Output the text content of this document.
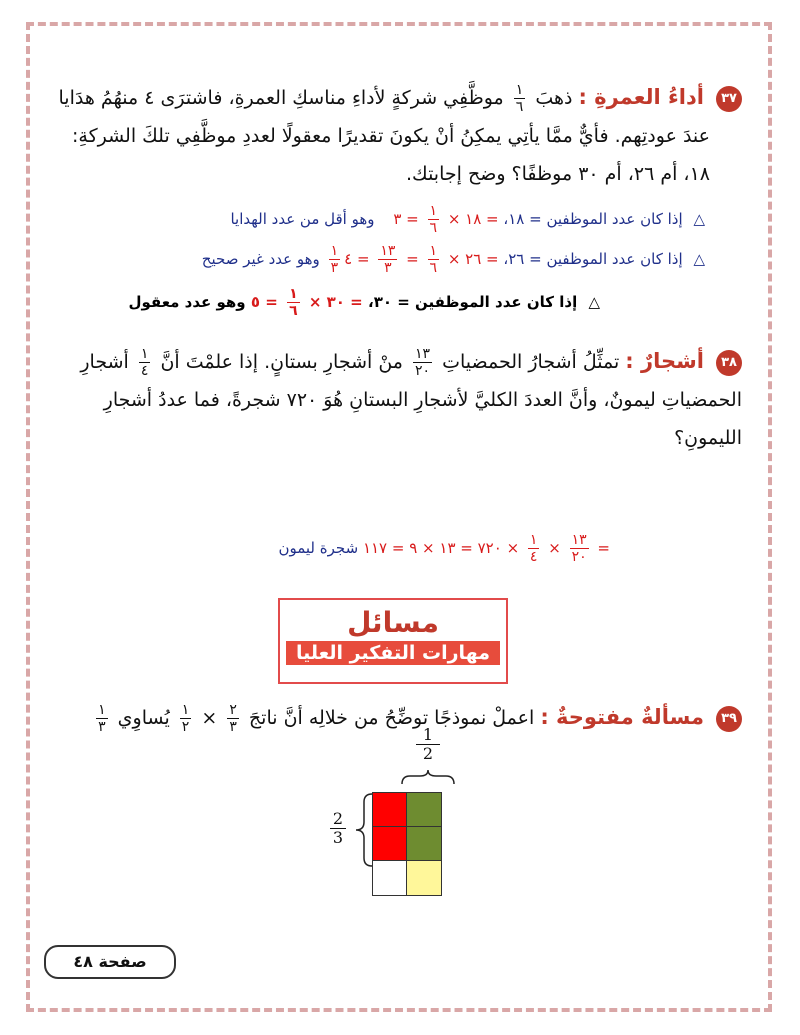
٣٧ أداءُ العمرةِ : ذهبَ
$\frac{١}{٦}$
موظَّفِي شركةٍ لأداءِ مناسكِ العمرةِ، فاشترَى ٤ منهُمُ هدَايا
عندَ عودتِهم. فأيٌّ ممَّا يأتِي يمكِنُ أنْ يكونَ تقديرًا معقولًا لعددِ موظَّفِي تلكَ الشركةِ:
١٨، أم ٢٦، أم ٣٠ موظفًا؟ وضح إجابتك.
△ إذا كان عدد الموظفين = ١٨، = ١٨ ×
$\frac{١}{٦}$
= ٣ وهو أقل من عدد الهدايا
△ إذا كان عدد الموظفين = ٢٦، = ٢٦ ×
$\frac{١}{٦}$
=
$\frac{١٣}{٣}$
= ٤
$\frac{١}{٣}$
وهو عدد غير صحيح
△ إذا كان عدد الموظفين = ٣٠، = ٣٠ ×
$\frac{١}{٦}$
= ٥ وهو عدد معقول
٣٨ أشجارٌ : تمثِّلُ أشجارُ الحمضياتِ
$\frac{١٣}{٢٠}$
منْ أشجارِ بستانٍ. إذا علمْتَ أنَّ
$\frac{١}{٤}$
أشجارِ
الحمضياتِ ليمونٌ، وأنَّ العددَ الكليَّ لأشجارِ البستانِ هُوَ ٧٢٠ شجرةً، فما عددُ أشجارِ
الليمونِ؟
=
$\frac{١٣}{٢٠}$
×
$\frac{١}{٤}$
× ٧٢٠ = ١٣ × ٩ = ١١٧ شجرة ليمون
مسائل
مهارات التفكير العليا
٣٩ مسألةٌ مفتوحةٌ : اعملْ نموذجًا توضِّحُ من خلالِه أنَّ ناتجَ
$\frac{٢}{٣}$
×
$\frac{١}{٢}$
يُساوِي
$\frac{١}{٣}$	1
2
2
3
صفحة ٤٨
